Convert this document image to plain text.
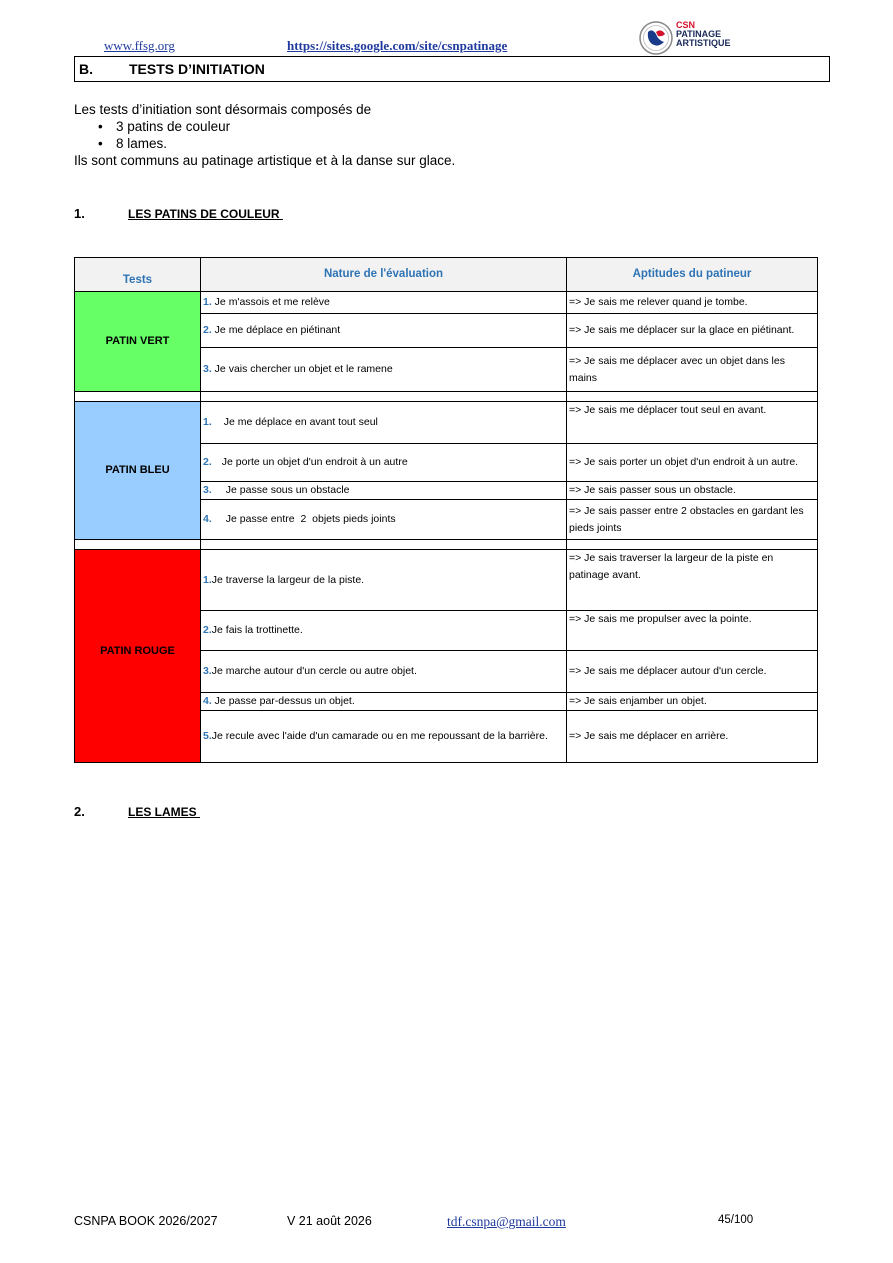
www.ffsg.org	https://sites.google.com/site/csnpatinage
CSN
PATINAGE
ARTISTIQUE
B.	TESTS D’INITIATION
Les tests d’initiation sont désormais composés de
• 3 patins de couleur
• 8 lames.
Ils sont communs au patinage artistique et à la danse sur glace.
1.	LES PATINS DE COULEUR
Tests	Nature de l'évaluation	Aptitudes du patineur
PATIN VERT	1. Je m'assois et me relève	=> Je sais me relever quand je tombe.
	2. Je me déplace en piétinant	=> Je sais me déplacer sur la glace en piétinant.
	3. Je vais chercher un objet et le ramene	=> Je sais me déplacer avec un objet dans les mains

PATIN BLEU	1. Je me déplace en avant tout seul	=> Je sais me déplacer tout seul en avant.
	2. Je porte un objet d'un endroit à un autre	=> Je sais porter un objet d'un endroit à un autre.
	3. Je passe sous un obstacle	=> Je sais passer sous un obstacle.
	4. Je passe entre  2  objets pieds joints	=> Je sais passer entre 2 obstacles en gardant les pieds joints

PATIN ROUGE	1.Je traverse la largeur de la piste.	=> Je sais traverser la largeur de la piste en patinage avant.
	2.Je fais la trottinette.	=> Je sais me propulser avec la pointe.
	3.Je marche autour d'un cercle ou autre objet.	=> Je sais me déplacer autour d'un cercle.
	4. Je passe par-dessus un objet.	=> Je sais enjamber un objet.
	5.Je recule avec l'aide d'un camarade ou en me repoussant de la barrière.	=> Je sais me déplacer en arrière.
2.	LES LAMES
CSNPA BOOK 2026/2027	V 21 août 2026	tdf.csnpa@gmail.com	45/100
